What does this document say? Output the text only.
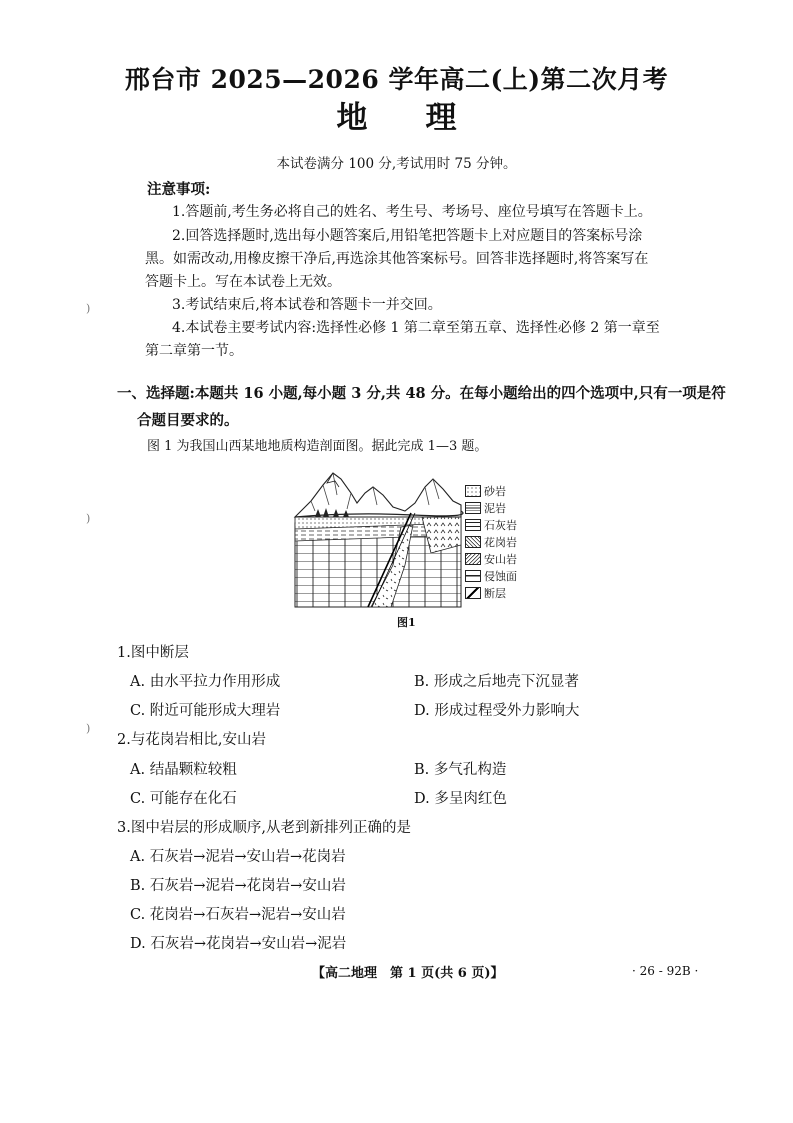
邢台市 2025—2026 学年高二(上)第二次月考
地理
本试卷满分 100 分,考试用时 75 分钟。
注意事项:
1.答题前,考生务必将自己的姓名、考生号、考场号、座位号填写在答题卡上。
2.回答选择题时,选出每小题答案后,用铅笔把答题卡上对应题目的答案标号涂
黑。如需改动,用橡皮擦干净后,再选涂其他答案标号。回答非选择题时,将答案写在
答题卡上。写在本试卷上无效。
3.考试结束后,将本试卷和答题卡一并交回。
4.本试卷主要考试内容:选择性必修 1 第二章至第五章、选择性必修 2 第一章至
第二章第一节。
)
)
)
一、选择题:本题共 16 小题,每小题 3 分,共 48 分。在每小题给出的四个选项中,只有一项是符
合题目要求的。
图 1 为我国山西某地地质构造剖面图。据此完成 1—3 题。
砂岩
泥岩
石灰岩
花岗岩
安山岩
侵蚀面
断层
图1
1.图中断层
A. 由水平拉力作用形成	B. 形成之后地壳下沉显著
C. 附近可能形成大理岩	D. 形成过程受外力影响大
2.与花岗岩相比,安山岩
A. 结晶颗粒较粗	B. 多气孔构造
C. 可能存在化石	D. 多呈肉红色
3.图中岩层的形成顺序,从老到新排列正确的是
A. 石灰岩→泥岩→安山岩→花岗岩
B. 石灰岩→泥岩→花岗岩→安山岩
C. 花岗岩→石灰岩→泥岩→安山岩
D. 石灰岩→花岗岩→安山岩→泥岩
【高二地理　第 1 页(共 6 页)】	· 26 - 92B ·
